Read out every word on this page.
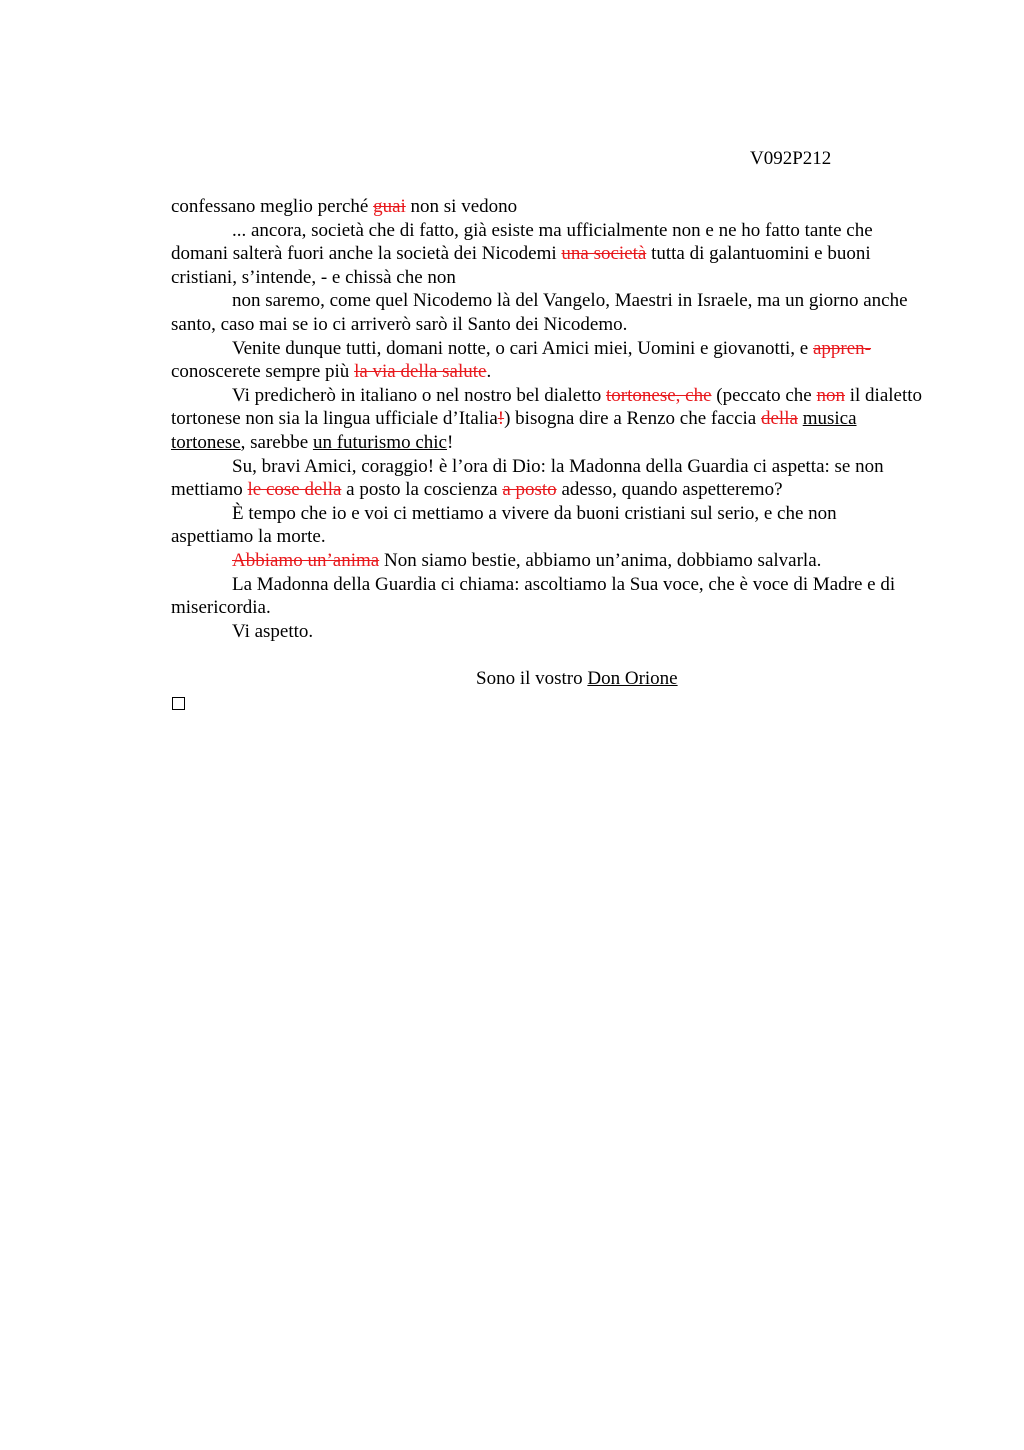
V092P212

confessano meglio perché guai non si vedono

... ancora, società che di fatto, già esiste ma ufficialmente non e ne ho fatto tante che domani salterà fuori anche la società dei Nicodemi una società tutta di galantuomini e buoni cristiani, s’intende, - e chissà che non

non saremo, come quel Nicodemo là del Vangelo, Maestri in Israele, ma un giorno anche santo, caso mai se io ci arriverò sarò il Santo dei Nicodemo.

Venite dunque tutti, domani notte, o cari Amici miei, Uomini e giovanotti, e appren- conoscerete sempre più la via della salute.

Vi predicherò in italiano o nel nostro bel dialetto tortonese, che (peccato che non il dialetto tortonese non sia la lingua ufficiale d’Italia!) bisogna dire a Renzo che faccia della musica tortonese, sarebbe un futurismo chic!

Su, bravi Amici, coraggio! è l’ora di Dio: la Madonna della Guardia ci aspetta: se non mettiamo le cose della a posto la coscienza a posto adesso, quando aspetteremo?

È tempo che io e voi ci mettiamo a vivere da buoni cristiani sul serio, e che non aspettiamo la morte.

Abbiamo un’anima Non siamo bestie, abbiamo un’anima, dobbiamo salvarla.

La Madonna della Guardia ci chiama: ascoltiamo la Sua voce, che è voce di Madre e di misericordia.

Vi aspetto.

Sono il vostro Don Orione
